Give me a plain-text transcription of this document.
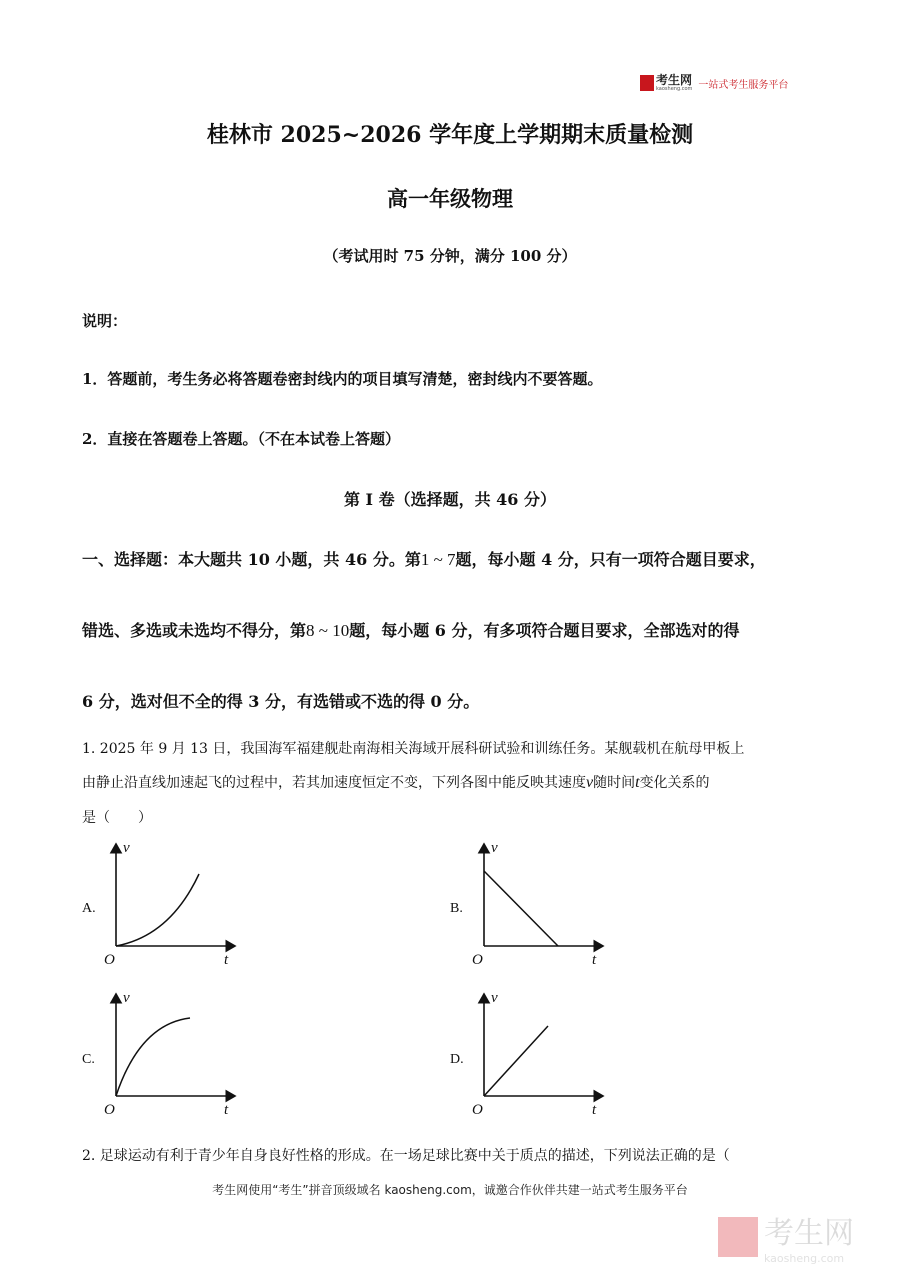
考生网
kaosheng.com 一站式考生服务平台
桂林市 2025~2026 学年度上学期期末质量检测
高一年级物理
（考试用时 75 分钟，满分 100 分）
说明：
1．答题前，考生务必将答题卷密封线内的项目填写清楚，密封线内不要答题。
2．直接在答题卷上答题。（不在本试卷上答题）
第 I 卷（选择题，共 46 分）
一、选择题：本大题共 10 小题，共 46 分。第1 ~ 7题，每小题 4 分，只有一项符合题目要求，
错选、多选或未选均不得分，第8 ~ 10题，每小题 6 分，有多项符合题目要求，全部选对的得
6 分，选对但不全的得 3 分，有选错或不选的得 0 分。
1. 2025 年 9 月 13 日，我国海军福建舰赴南海相关海域开展科研试验和训练任务。某舰载机在航母甲板上
由静止沿直线加速起飞的过程中，若其加速度恒定不变，下列各图中能反映其速度v随时间t变化关系的
是（　　）
A.	B.
C.	D.
v
t
O
v
t
O
v
t
O
v
t
O
2. 足球运动有利于青少年自身良好性格的形成。在一场足球比赛中关于质点的描述，下列说法正确的是（
考生网使用“考生”拼音顶级域名 kaosheng.com，诚邀合作伙伴共建一站式考生服务平台
考生网
kaosheng.com
